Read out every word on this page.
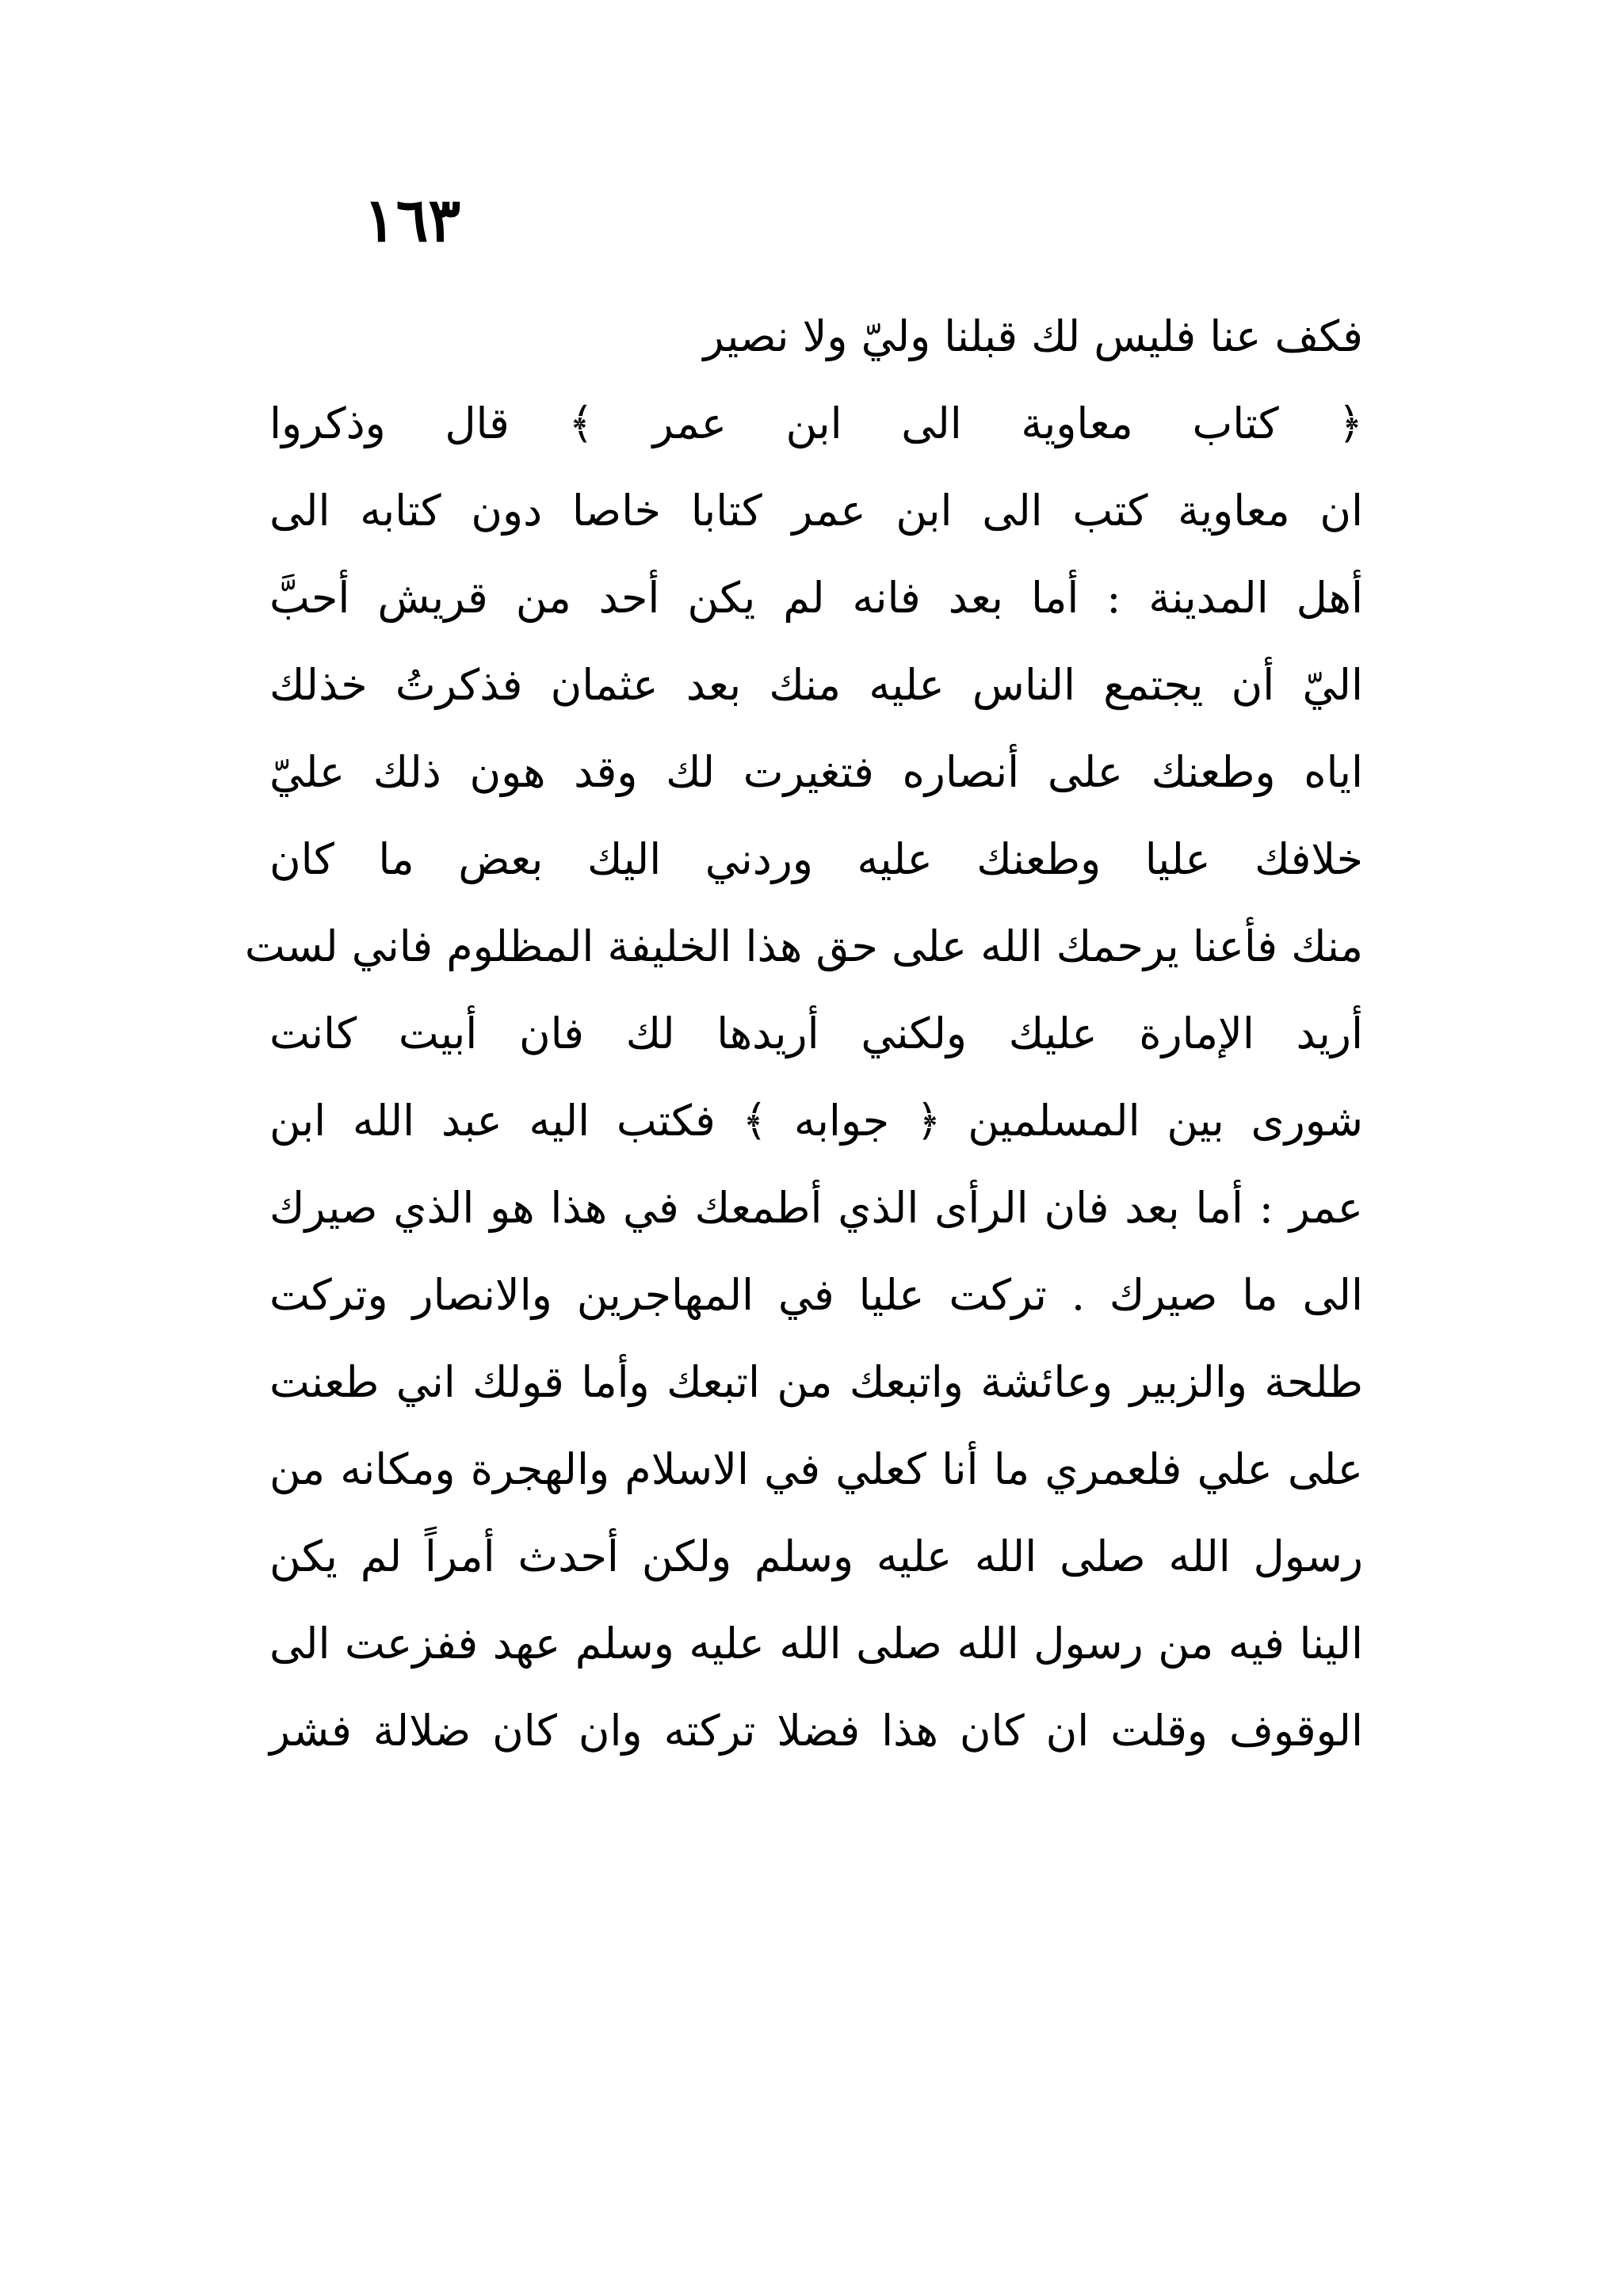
١٦٣
فكف عنا فليس لك قبلنا وليّ ولا نصير
﴿ كتاب معاوية الى ابن عمر ﴾ قال وذكروا
ان معاوية كتب الى ابن عمر كتابا خاصا دون كتابه الى
أهل المدينة : أما بعد فانه لم يكن أحد من قريش أحبَّ
اليّ أن يجتمع الناس عليه منك بعد عثمان فذكرتُ خذلك
اياه وطعنك على أنصاره فتغيرت لك وقد هون ذلك عليّ
خلافك عليا وطعنك عليه وردني اليك بعض ما كان
منك فأعنا يرحمك الله على حق هذا الخليفة المظلوم فاني لست
أريد الإمارة عليك ولكني أريدها لك فان أبيت كانت
شورى بين المسلمين ﴿ جوابه ﴾ فكتب اليه عبد الله ابن
عمر : أما بعد فان الرأى الذي أطمعك في هذا هو الذي صيرك
الى ما صيرك . تركت عليا في المهاجرين والانصار وتركت
طلحة والزبير وعائشة واتبعك من اتبعك وأما قولك اني طعنت
على علي فلعمري ما أنا كعلي في الاسلام والهجرة ومكانه من
رسول الله صلى الله عليه وسلم ولكن أحدث أمراً لم يكن
الينا فيه من رسول الله صلى الله عليه وسلم عهد ففزعت الى
الوقوف وقلت ان كان هذا فضلا تركته وان كان ضلالة فشر
